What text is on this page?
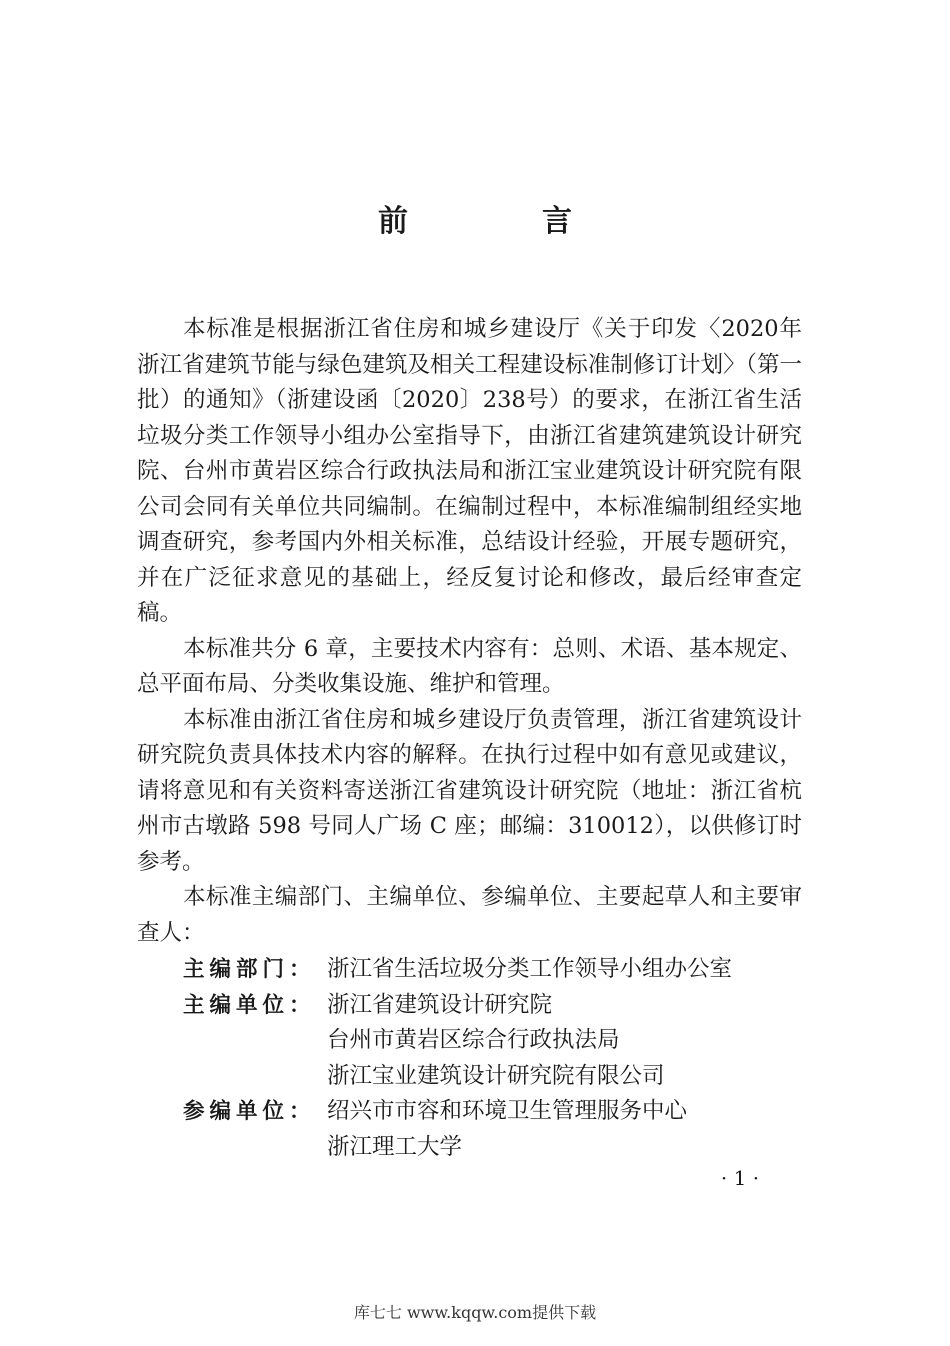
前　言

本标准是根据浙江省住房和城乡建设厅《关于印发〈2020年浙江省建筑节能与绿色建筑及相关工程建设标准制修订计划〉（第一批）的通知》（浙建设函〔2020〕238号）的要求，在浙江省生活垃圾分类工作领导小组办公室指导下，由浙江省建筑建筑设计研究院、台州市黄岩区综合行政执法局和浙江宝业建筑设计研究院有限公司会同有关单位共同编制。在编制过程中，本标准编制组经实地调查研究，参考国内外相关标准，总结设计经验，开展专题研究，并在广泛征求意见的基础上，经反复讨论和修改，最后经审查定稿。

本标准共分 6 章，主要技术内容有：总则、术语、基本规定、总平面布局、分类收集设施、维护和管理。

本标准由浙江省住房和城乡建设厅负责管理，浙江省建筑设计研究院负责具体技术内容的解释。在执行过程中如有意见或建议，请将意见和有关资料寄送浙江省建筑设计研究院（地址：浙江省杭州市古墩路 598 号同人广场 C 座；邮编：310012），以供修订时参考。

本标准主编部门、主编单位、参编单位、主要起草人和主要审查人：

主编部门： 浙江省生活垃圾分类工作领导小组办公室
主编单位： 浙江省建筑设计研究院
台州市黄岩区综合行政执法局
浙江宝业建筑设计研究院有限公司
参编单位： 绍兴市市容和环境卫生管理服务中心
浙江理工大学
· 1 ·
库七七 www.kqqw.com提供下载
